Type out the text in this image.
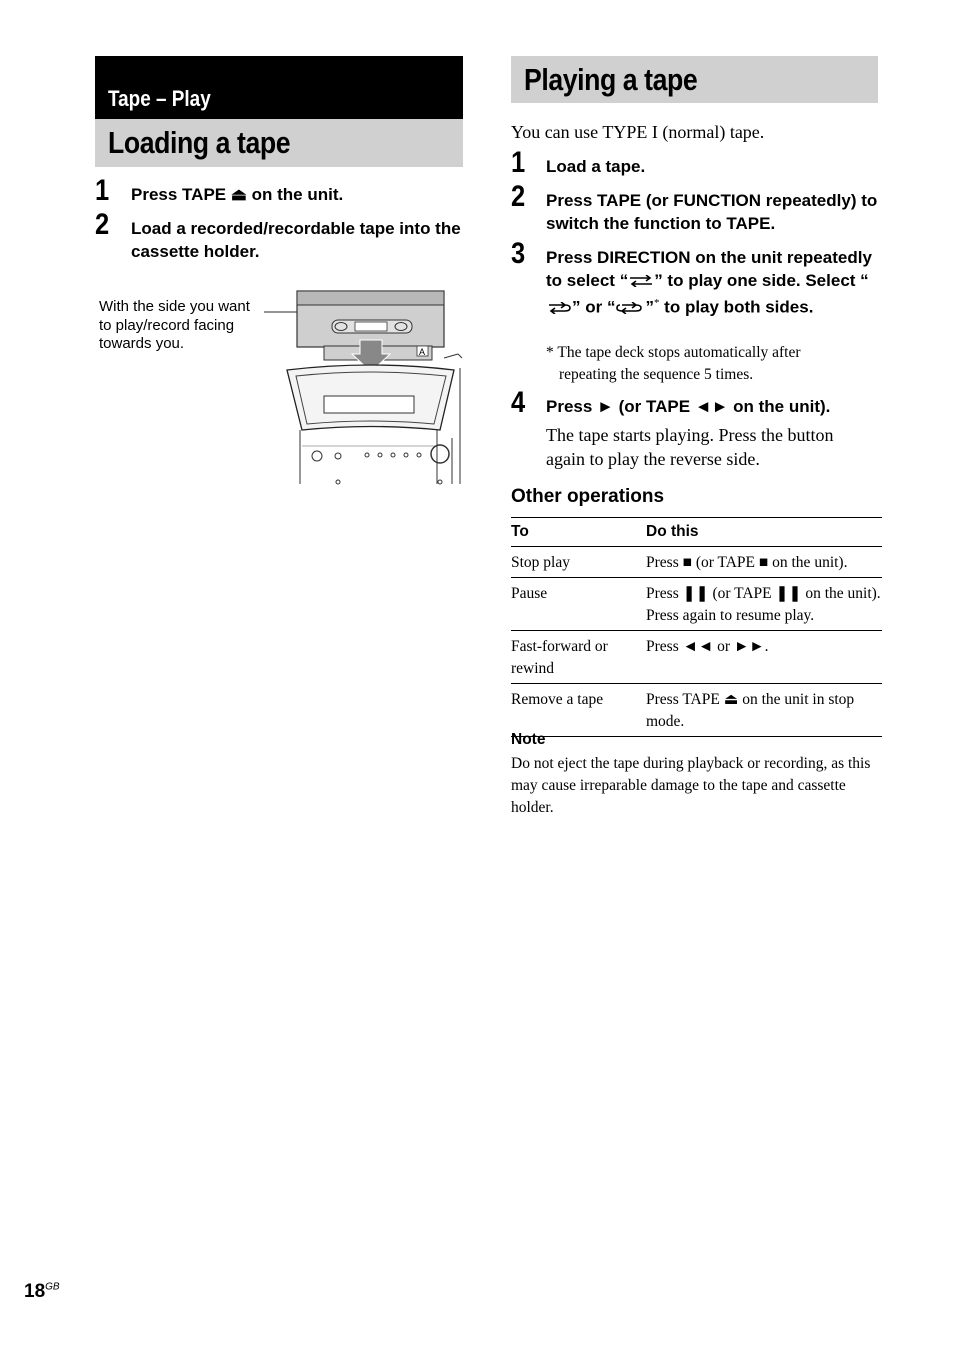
Tape – Play
Loading a tape
1 Press TAPE ⏏ on the unit.
2 Load a recorded/recordable tape into the cassette holder.
With the side you want to play/record facing towards you.	A
Playing a tape
You can use TYPE I (normal) tape.
1 Load a tape.
2 Press TAPE (or FUNCTION repeatedly) to switch the function to TAPE.
3 Press DIRECTION on the unit repeatedly to select “ ” to play one side. Select “” or “ ”* to play both sides.
* The tape deck stops automatically after repeating the sequence 5 times.
4 Press ► (or TAPE ◄► on the unit).
The tape starts playing. Press the button again to play the reverse side.
Other operations
To	Do this
Stop play	Press ■ (or TAPE ■ on the unit).
Pause	Press ❚❚ (or TAPE ❚❚ on the unit). Press again to resume play.
Fast-forward or rewind	Press ◄◄ or ►►.
Remove a tape	Press TAPE ⏏ on the unit in stop mode.
Note
Do not eject the tape during playback or recording, as this may cause irreparable damage to the tape and cassette holder.
$18^{GB}$
